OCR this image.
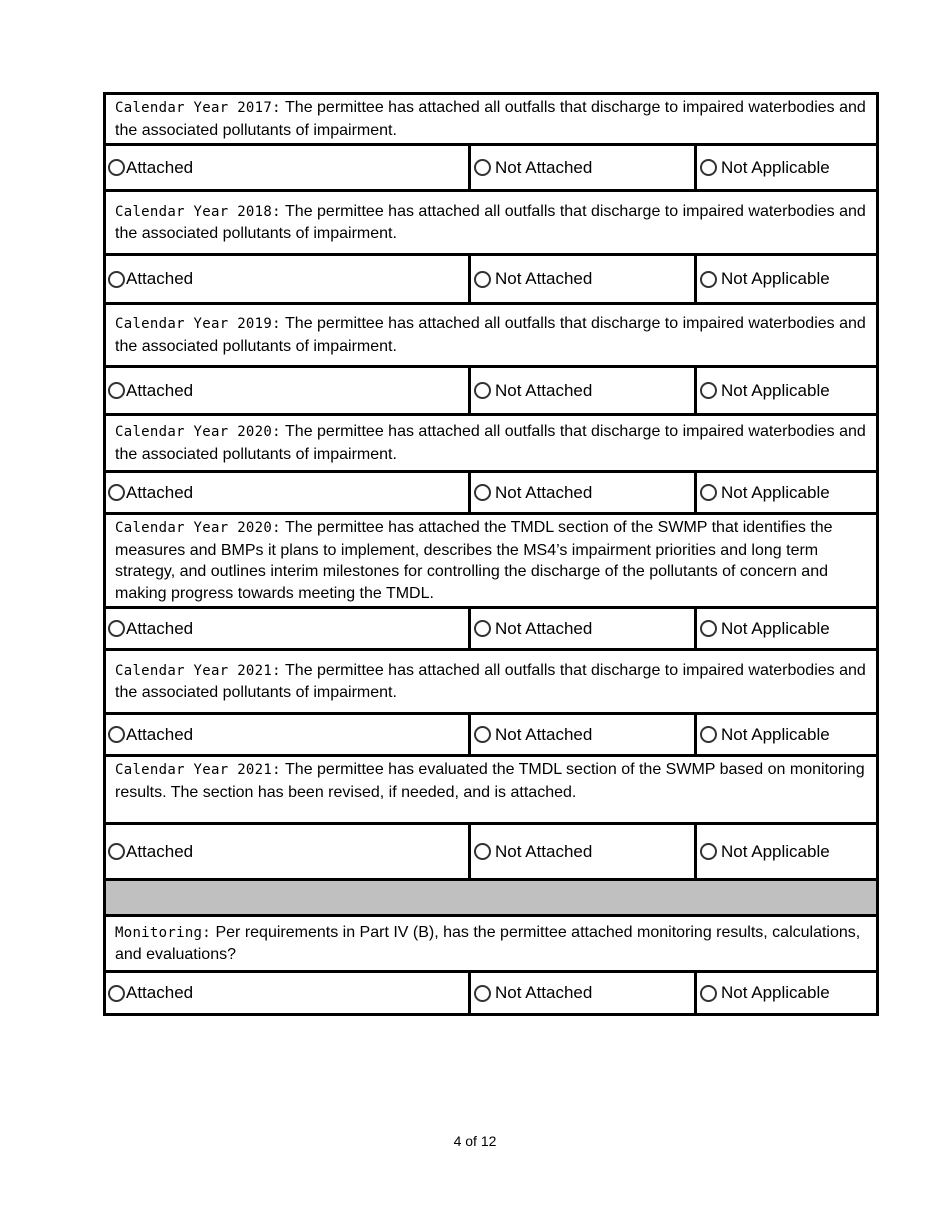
Calendar Year 2017: The permittee has attached all outfalls that discharge to impaired waterbodies and the associated pollutants of impairment.		

Attached	Not Attached	Not Applicable

Calendar Year 2018: The permittee has attached all outfalls that discharge to impaired waterbodies and the associated pollutants of impairment.		

Attached	Not Attached	Not Applicable

Calendar Year 2019: The permittee has attached all outfalls that discharge to impaired waterbodies and the associated pollutants of impairment.		

Attached	Not Attached	Not Applicable

Calendar Year 2020: The permittee has attached all outfalls that discharge to impaired waterbodies and the associated pollutants of impairment.		

Attached	Not Attached	Not Applicable

Calendar Year 2020: The permittee has attached the TMDL section of the SWMP that identifies the measures and BMPs it plans to implement, describes the MS4’s impairment priorities and long term strategy, and outlines interim milestones for controlling the discharge of the pollutants of concern and making progress towards meeting the TMDL.		

Attached	Not Attached	Not Applicable

Calendar Year 2021: The permittee has attached all outfalls that discharge to impaired waterbodies and the associated pollutants of impairment.		

Attached	Not Attached	Not Applicable

Calendar Year 2021: The permittee has evaluated the TMDL section of the SWMP based on monitoring results. The section has been revised, if needed, and is attached.		

Attached	Not Attached	Not Applicable

Monitoring: Per requirements in Part IV (B), has the permittee attached monitoring results, calculations, and evaluations?		

Attached	Not Attached	Not Applicable
4 of 12
